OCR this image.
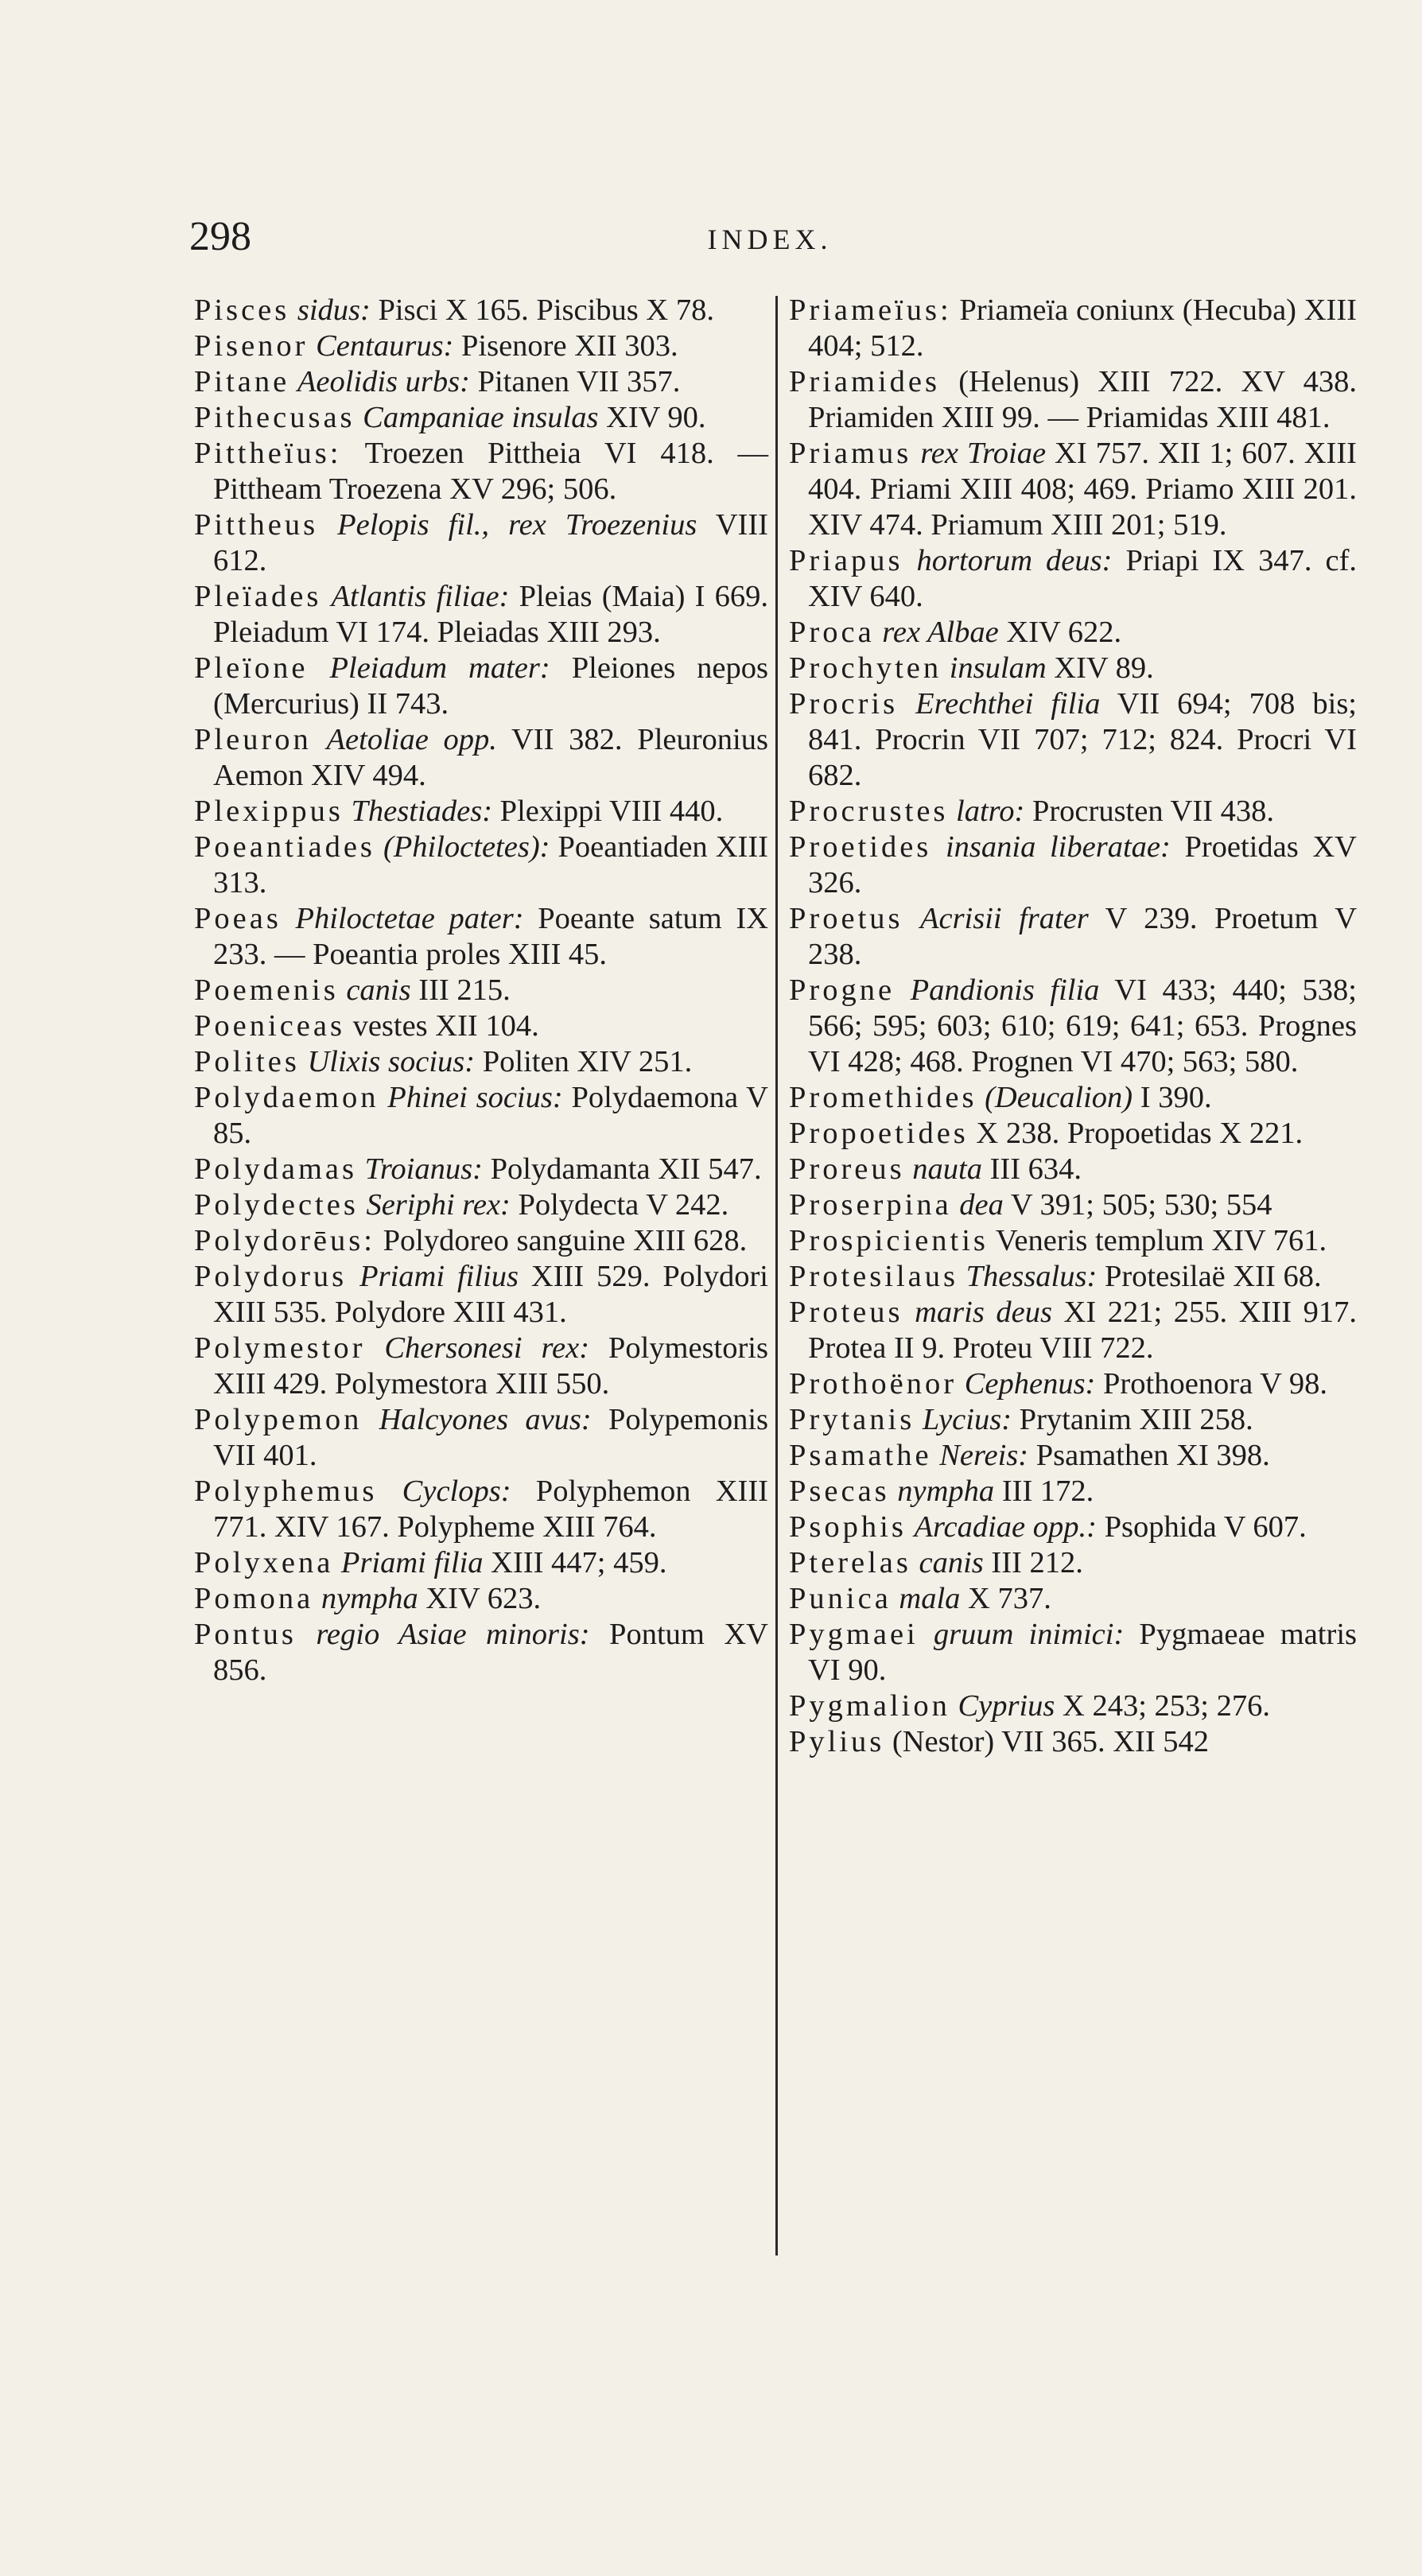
298	INDEX.
Pisces sidus: Pisci X 165. Piscibus X 78.
Pisenor Centaurus: Pisenore XII 303.
Pitane Aeolidis urbs: Pitanen VII 357.
Pithecusas Campaniae insulas XIV 90.
Pittheïus: Troezen Pittheia VI 418. — Pittheam Troezena XV 296; 506.
Pittheus Pelopis fil., rex Troezenius VIII 612.
Pleïades Atlantis filiae: Pleias (Maia) I 669. Pleiadum VI 174. Pleiadas XIII 293.
Pleïone Pleiadum mater: Pleiones nepos (Mercurius) II 743.
Pleuron Aetoliae opp. VII 382. Pleuronius Aemon XIV 494.
Plexippus Thestiades: Plexippi VIII 440.
Poeantiades (Philoctetes): Poeantiaden XIII 313.
Poeas Philoctetae pater: Poeante satum IX 233. — Poeantia proles XIII 45.
Poemenis canis III 215.
Poeniceas vestes XII 104.
Polites Ulixis socius: Politen XIV 251.
Polydaemon Phinei socius: Polydaemona V 85.
Polydamas Troianus: Polydamanta XII 547.
Polydectes Seriphi rex: Polydecta V 242.
Polydorēus: Polydoreo sanguine XIII 628.
Polydorus Priami filius XIII 529. Polydori XIII 535. Polydore XIII 431.
Polymestor Chersonesi rex: Polymestoris XIII 429. Polymestora XIII 550.
Polypemon Halcyones avus: Polypemonis VII 401.
Polyphemus Cyclops: Polyphemon XIII 771. XIV 167. Polypheme XIII 764.
Polyxena Priami filia XIII 447; 459.
Pomona nympha XIV 623.
Pontus regio Asiae minoris: Pontum XV 856.
Priameïus: Priameïa coniunx (Hecuba) XIII 404; 512.
Priamides (Helenus) XIII 722. XV 438. Priamiden XIII 99. — Priamidas XIII 481.
Priamus rex Troiae XI 757. XII 1; 607. XIII 404. Priami XIII 408; 469. Priamo XIII 201. XIV 474. Priamum XIII 201; 519.
Priapus hortorum deus: Priapi IX 347. cf. XIV 640.
Proca rex Albae XIV 622.
Prochyten insulam XIV 89.
Procris Erechthei filia VII 694; 708 bis; 841. Procrin VII 707; 712; 824. Procri VI 682.
Procrustes latro: Procrusten VII 438.
Proetides insania liberatae: Proetidas XV 326.
Proetus Acrisii frater V 239. Proetum V 238.
Progne Pandionis filia VI 433; 440; 538; 566; 595; 603; 610; 619; 641; 653. Prognes VI 428; 468. Prognen VI 470; 563; 580.
Promethides (Deucalion) I 390.
Propoetides X 238. Propoetidas X 221.
Proreus nauta III 634.
Proserpina dea V 391; 505; 530; 554
Prospicientis Veneris templum XIV 761.
Protesilaus Thessalus: Protesilaë XII 68.
Proteus maris deus XI 221; 255. XIII 917. Protea II 9. Proteu VIII 722.
Prothoënor Cephenus: Prothoenora V 98.
Prytanis Lycius: Prytanim XIII 258.
Psamathe Nereis: Psamathen XI 398.
Psecas nympha III 172.
Psophis Arcadiae opp.: Psophida V 607.
Pterelas canis III 212.
Punica mala X 737.
Pygmaei gruum inimici: Pygmaeae matris VI 90.
Pygmalion Cyprius X 243; 253; 276.
Pylius (Nestor) VII 365. XII 542
